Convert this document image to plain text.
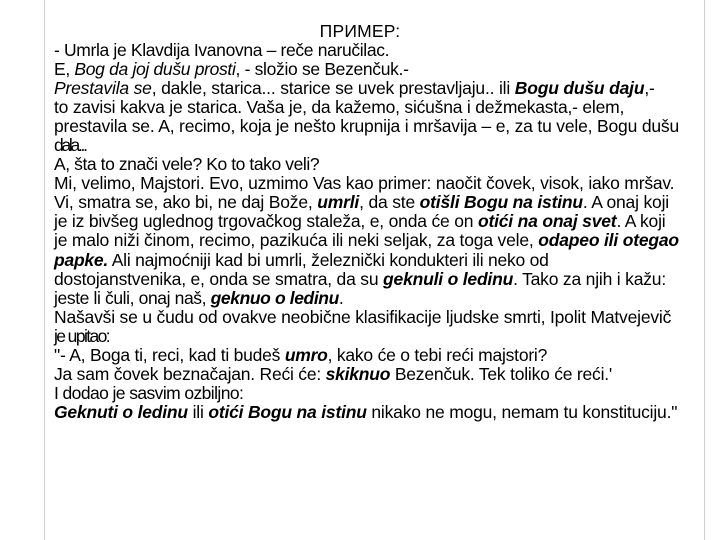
ПРИМЕР:
- Umrla je Klavdija Ivanovna – reče naručilac.
E, Bog da joj dušu prosti, - složio se Bezenčuk.-
Prestavila se, dakle, starica... starice se uvek prestavljaju.. ili Bogu dušu daju,-
to zavisi kakva je starica. Vaša je, da kažemo, sićušna i dežmekasta,- elem,
prestavila se. A, recimo, koja je nešto krupnija i mršavija – e, za tu vele, Bogu dušu
dala...
A, šta to znači vele? Ko to tako veli?
Mi, velimo, Majstori. Evo, uzmimo Vas kao primer: naočit čovek, visok, iako mršav.
Vi, smatra se, ako bi, ne daj Bože, umrli, da ste otišli Bogu na istinu. A onaj koji
je iz bivšeg uglednog trgovačkog staleža, e, onda će on otići na onaj svet. A koji
je malo niži činom, recimo, pazikuća ili neki seljak, za toga vele, odapeo ili otegao
papke. Ali najmoćniji kad bi umrli, železnički kondukteri ili neko od
dostojanstvenika, e, onda se smatra, da su geknuli o ledinu. Tako za njih i kažu:
jeste li čuli, onaj naš, geknuo o ledinu.
Našavši se u čudu od ovakve neobične klasifikacije ljudske smrti, Ipolit Matvejevič
je upitao:
"- A, Boga ti, reci, kad ti budeš umro, kako će o tebi reći majstori?
Ja sam čovek beznačajan. Reći će: skiknuo Bezenčuk. Tek toliko će reći.'
I dodao je sasvim ozbiljno:
Geknuti o ledinu ili otići Bogu na istinu nikako ne mogu, nemam tu konstituciju."
